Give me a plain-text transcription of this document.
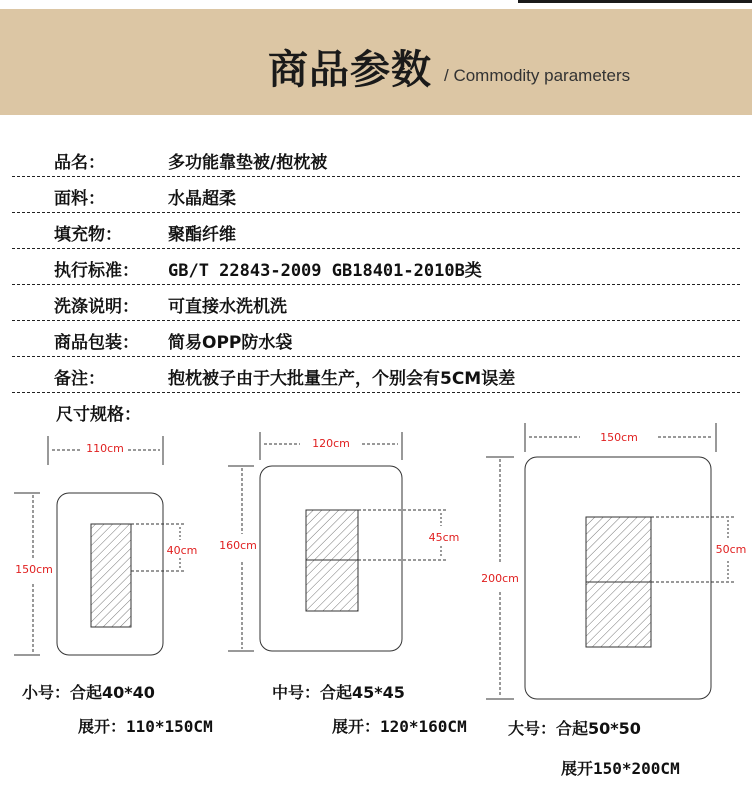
商品参数 / Commodity parameters
品名：	多功能靠垫被/抱枕被
面料：	水晶超柔
填充物：	聚酯纤维
执行标准： GB/T 22843-2009 GB18401-2010B类
洗涤说明： 可直接水洗机洗
商品包装： 简易OPP防水袋
备注：	抱枕被子由于大批量生产，个别会有5CM误差
尺寸规格：
110cm
150cm
40cm
120cm
160cm
45cm
150cm
200cm
50cm
小号：合起40*40
展开：110*150CM
中号：合起45*45
展开：120*160CM	大号：合起50*50
展开150*200CM
